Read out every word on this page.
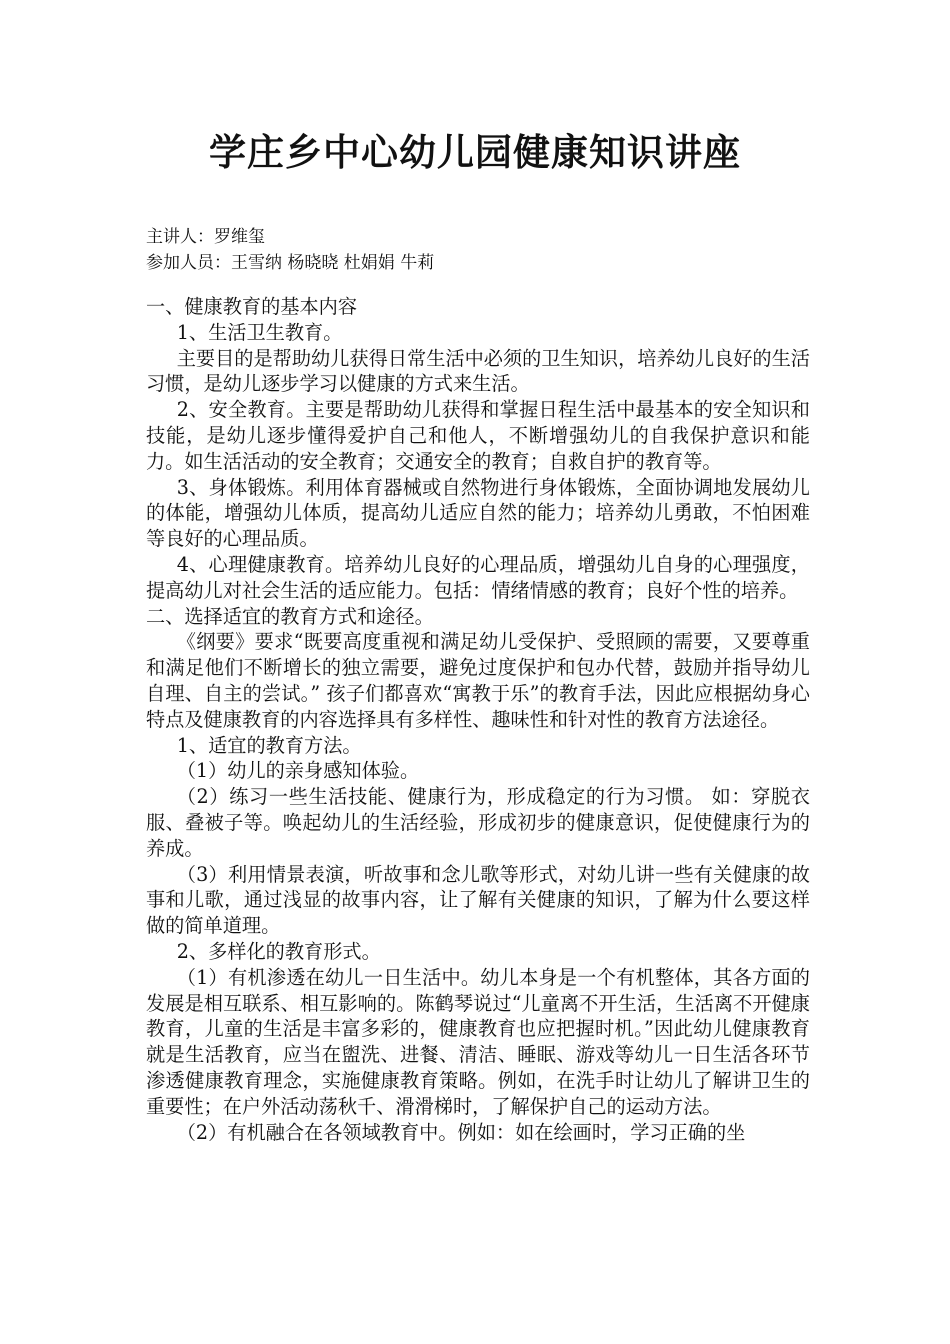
学庄乡中心幼儿园健康知识讲座
主讲人：罗维玺
参加人员：王雪纳 杨晓晓 杜娟娟 牛莉

一、健康教育的基本内容

1、生活卫生教育。

主要目的是帮助幼儿获得日常生活中必须的卫生知识，培养幼儿良好的生活习惯，是幼儿逐步学习以健康的方式来生活。

2、安全教育。主要是帮助幼儿获得和掌握日程生活中最基本的安全知识和技能，是幼儿逐步懂得爱护自己和他人，不断增强幼儿的自我保护意识和能力。如生活活动的安全教育；交通安全的教育；自救自护的教育等。

3、身体锻炼。利用体育器械或自然物进行身体锻炼，全面协调地发展幼儿的体能，增强幼儿体质，提高幼儿适应自然的能力；培养幼儿勇敢，不怕困难等良好的心理品质。

4、心理健康教育。培养幼儿良好的心理品质，增强幼儿自身的心理强度，提高幼儿对社会生活的适应能力。包括：情绪情感的教育；良好个性的培养。

二、选择适宜的教育方式和途径。

《纲要》要求“既要高度重视和满足幼儿受保护、受照顾的需要，又要尊重和满足他们不断增长的独立需要，避免过度保护和包办代替，鼓励并指导幼儿自理、自主的尝试。” 孩子们都喜欢“寓教于乐”的教育手法，因此应根据幼身心特点及健康教育的内容选择具有多样性、趣味性和针对性的教育方法途径。

1、适宜的教育方法。

（1）幼儿的亲身感知体验。

（2）练习一些生活技能、健康行为，形成稳定的行为习惯。 如：穿脱衣服、叠被子等。唤起幼儿的生活经验，形成初步的健康意识，促使健康行为的养成。

（3）利用情景表演，听故事和念儿歌等形式，对幼儿讲一些有关健康的故事和儿歌，通过浅显的故事内容，让了解有关健康的知识，了解为什么要这样做的简单道理。

2、多样化的教育形式。

（1）有机渗透在幼儿一日生活中。幼儿本身是一个有机整体，其各方面的发展是相互联系、相互影响的。陈鹤琴说过“儿童离不开生活，生活离不开健康教育，儿童的生活是丰富多彩的，健康教育也应把握时机。”因此幼儿健康教育就是生活教育，应当在盥洗、进餐、清洁、睡眠、游戏等幼儿一日生活各环节渗透健康教育理念，实施健康教育策略。例如，在洗手时让幼儿了解讲卫生的重要性；在户外活动荡秋千、滑滑梯时，了解保护自己的运动方法。

（2）有机融合在各领域教育中。例如：如在绘画时，学习正确的坐
